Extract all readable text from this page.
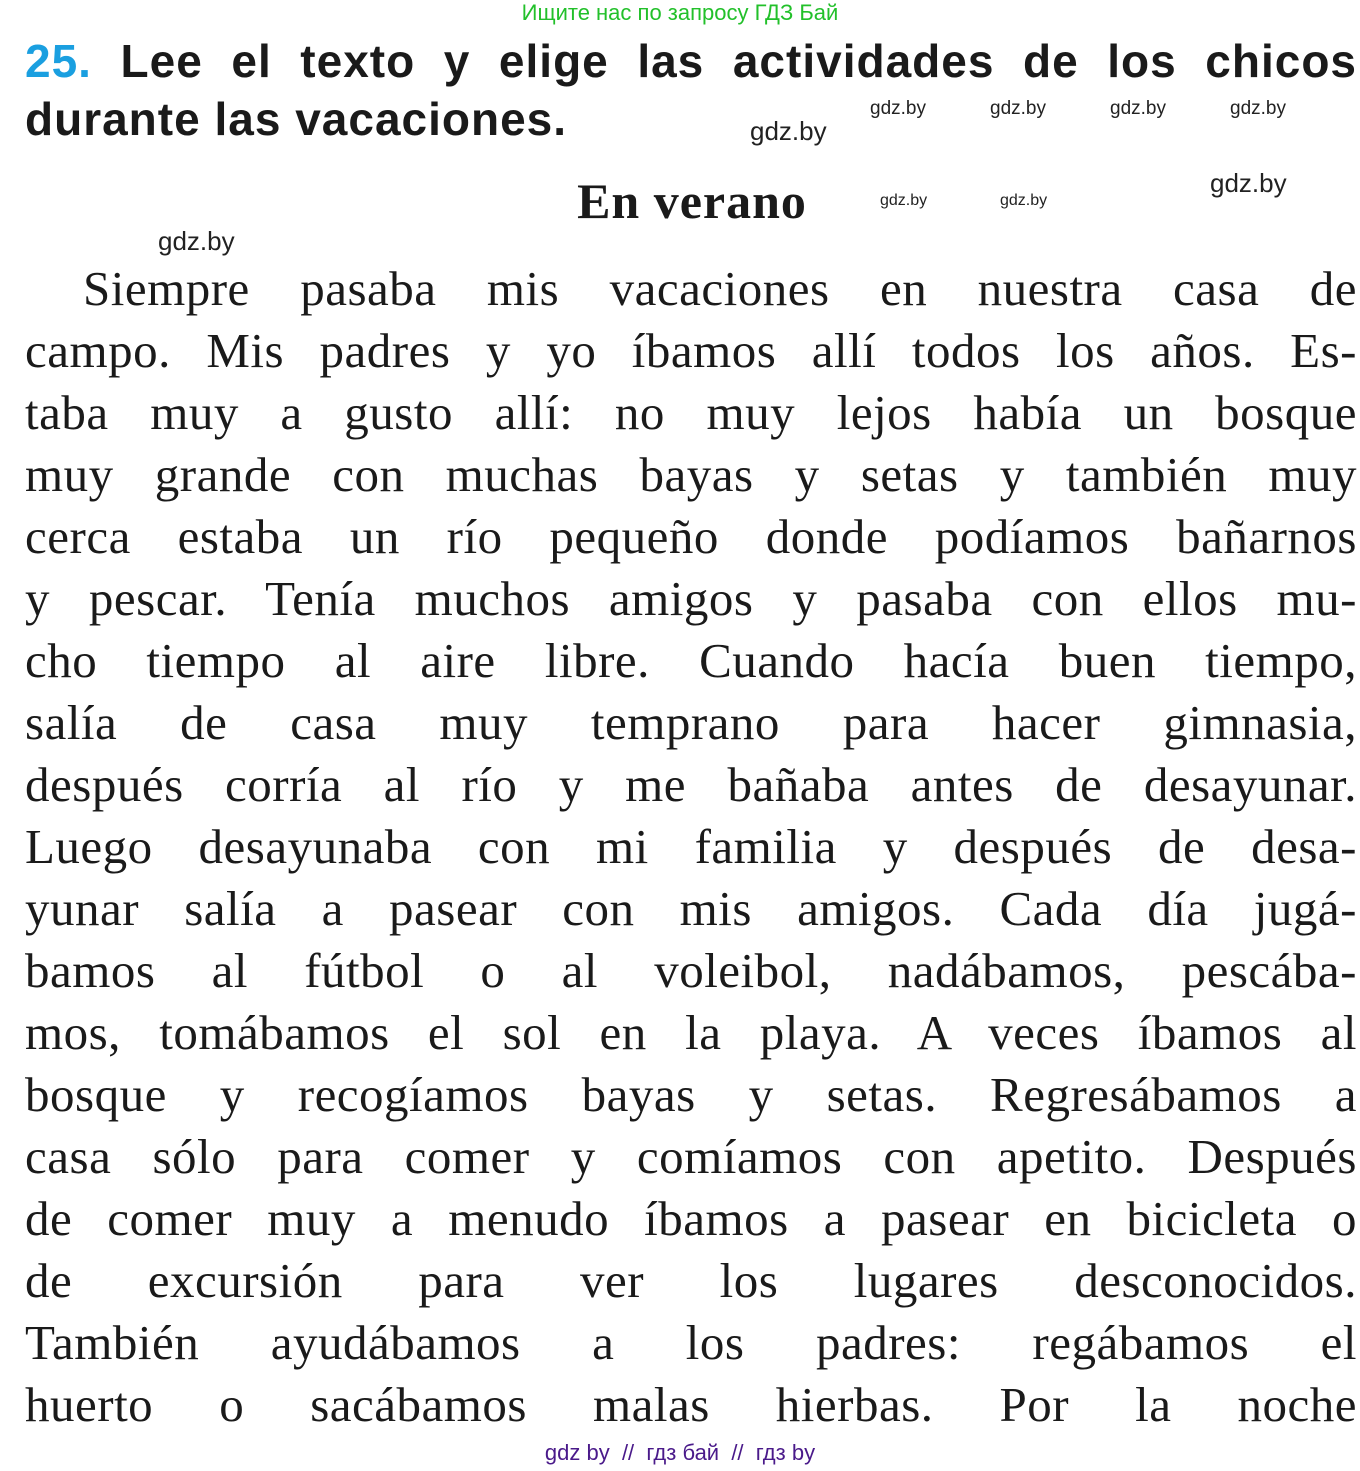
Ищите нас по запросу ГДЗ Бай
25. Lee el texto y elige las actividades de los chicos
durante las vacaciones.
En verano
Siempre pasaba mis vacaciones en nuestra casa de
campo. Mis padres y yo íbamos allí todos los años. Es-
taba muy a gusto allí: no muy lejos había un bosque
muy grande con muchas bayas y setas y también muy
cerca estaba un río pequeño donde podíamos bañarnos
y pescar. Tenía muchos amigos y pasaba con ellos mu-
cho tiempo al aire libre. Cuando hacía buen tiempo,
salía de casa muy temprano para hacer gimnasia,
después corría al río y me bañaba antes de desayunar.
Luego desayunaba con mi familia y después de desa-
yunar salía a pasear con mis amigos. Cada día jugá-
bamos al fútbol o al voleibol, nadábamos, pescába-
mos, tomábamos el sol en la playa. A veces íbamos al
bosque y recogíamos bayas y setas. Regresábamos a
casa sólo para comer y comíamos con apetito. Después
de comer muy a menudo íbamos a pasear en bicicleta o
de excursión para ver los lugares desconocidos.
También ayudábamos a los padres: regábamos el
huerto o sacábamos malas hierbas. Por la noche
gdz.by
gdz.by
gdz.by
gdz.by	gdz.by	gdz.by	gdz.by
gdz.by	gdz.by
gdz by  //  гдз бай  //  гдз by
